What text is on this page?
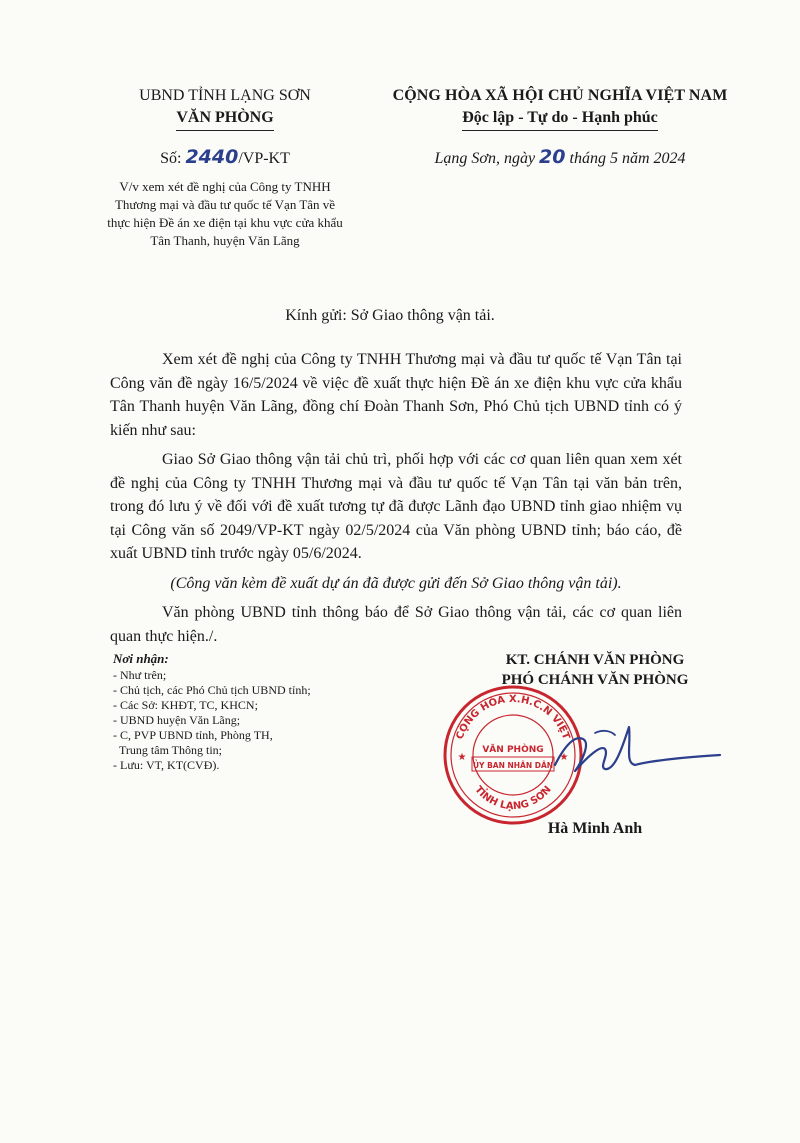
UBND TỈNH LẠNG SƠN
VĂN PHÒNG
CỘNG HÒA XÃ HỘI CHỦ NGHĨA VIỆT NAM
Độc lập - Tự do - Hạnh phúc
Số: 2440/VP-KT	Lạng Sơn, ngày 20 tháng 5 năm 2024
V/v xem xét đề nghị của Công ty TNHH Thương mại và đầu tư quốc tế Vạn Tân về thực hiện Đề án xe điện tại khu vực cửa khẩu Tân Thanh, huyện Văn Lãng
Kính gửi: Sở Giao thông vận tải.

Xem xét đề nghị của Công ty TNHH Thương mại và đầu tư quốc tế Vạn Tân tại Công văn đề ngày 16/5/2024 về việc đề xuất thực hiện Đề án xe điện khu vực cửa khẩu Tân Thanh huyện Văn Lãng, đồng chí Đoàn Thanh Sơn, Phó Chủ tịch UBND tỉnh có ý kiến như sau:

Giao Sở Giao thông vận tải chủ trì, phối hợp với các cơ quan liên quan xem xét đề nghị của Công ty TNHH Thương mại và đầu tư quốc tế Vạn Tân tại văn bản trên, trong đó lưu ý về đối với đề xuất tương tự đã được Lãnh đạo UBND tỉnh giao nhiệm vụ tại Công văn số 2049/VP-KT ngày 02/5/2024 của Văn phòng UBND tỉnh; báo cáo, đề xuất UBND tỉnh trước ngày 05/6/2024.

(Công văn kèm đề xuất dự án đã được gửi đến Sở Giao thông vận tải).

Văn phòng UBND tỉnh thông báo để Sở Giao thông vận tải, các cơ quan liên quan thực hiện./.

Nơi nhận:
- Như trên;
- Chủ tịch, các Phó Chủ tịch UBND tỉnh;
- Các Sở: KHĐT, TC, KHCN;
- UBND huyện Văn Lãng;
- C, PVP UBND tỉnh, Phòng TH,
Trung tâm Thông tin;
- Lưu: VT, KT(CVĐ).
KT. CHÁNH VĂN PHÒNG
PHÓ CHÁNH VĂN PHÒNG
CỘNG HÒA X.H.C.N VIỆT
TỈNH LẠNG SƠN
VĂN PHÒNG
ỦY BAN NHÂN DÂN
★	★
Hà Minh Anh
